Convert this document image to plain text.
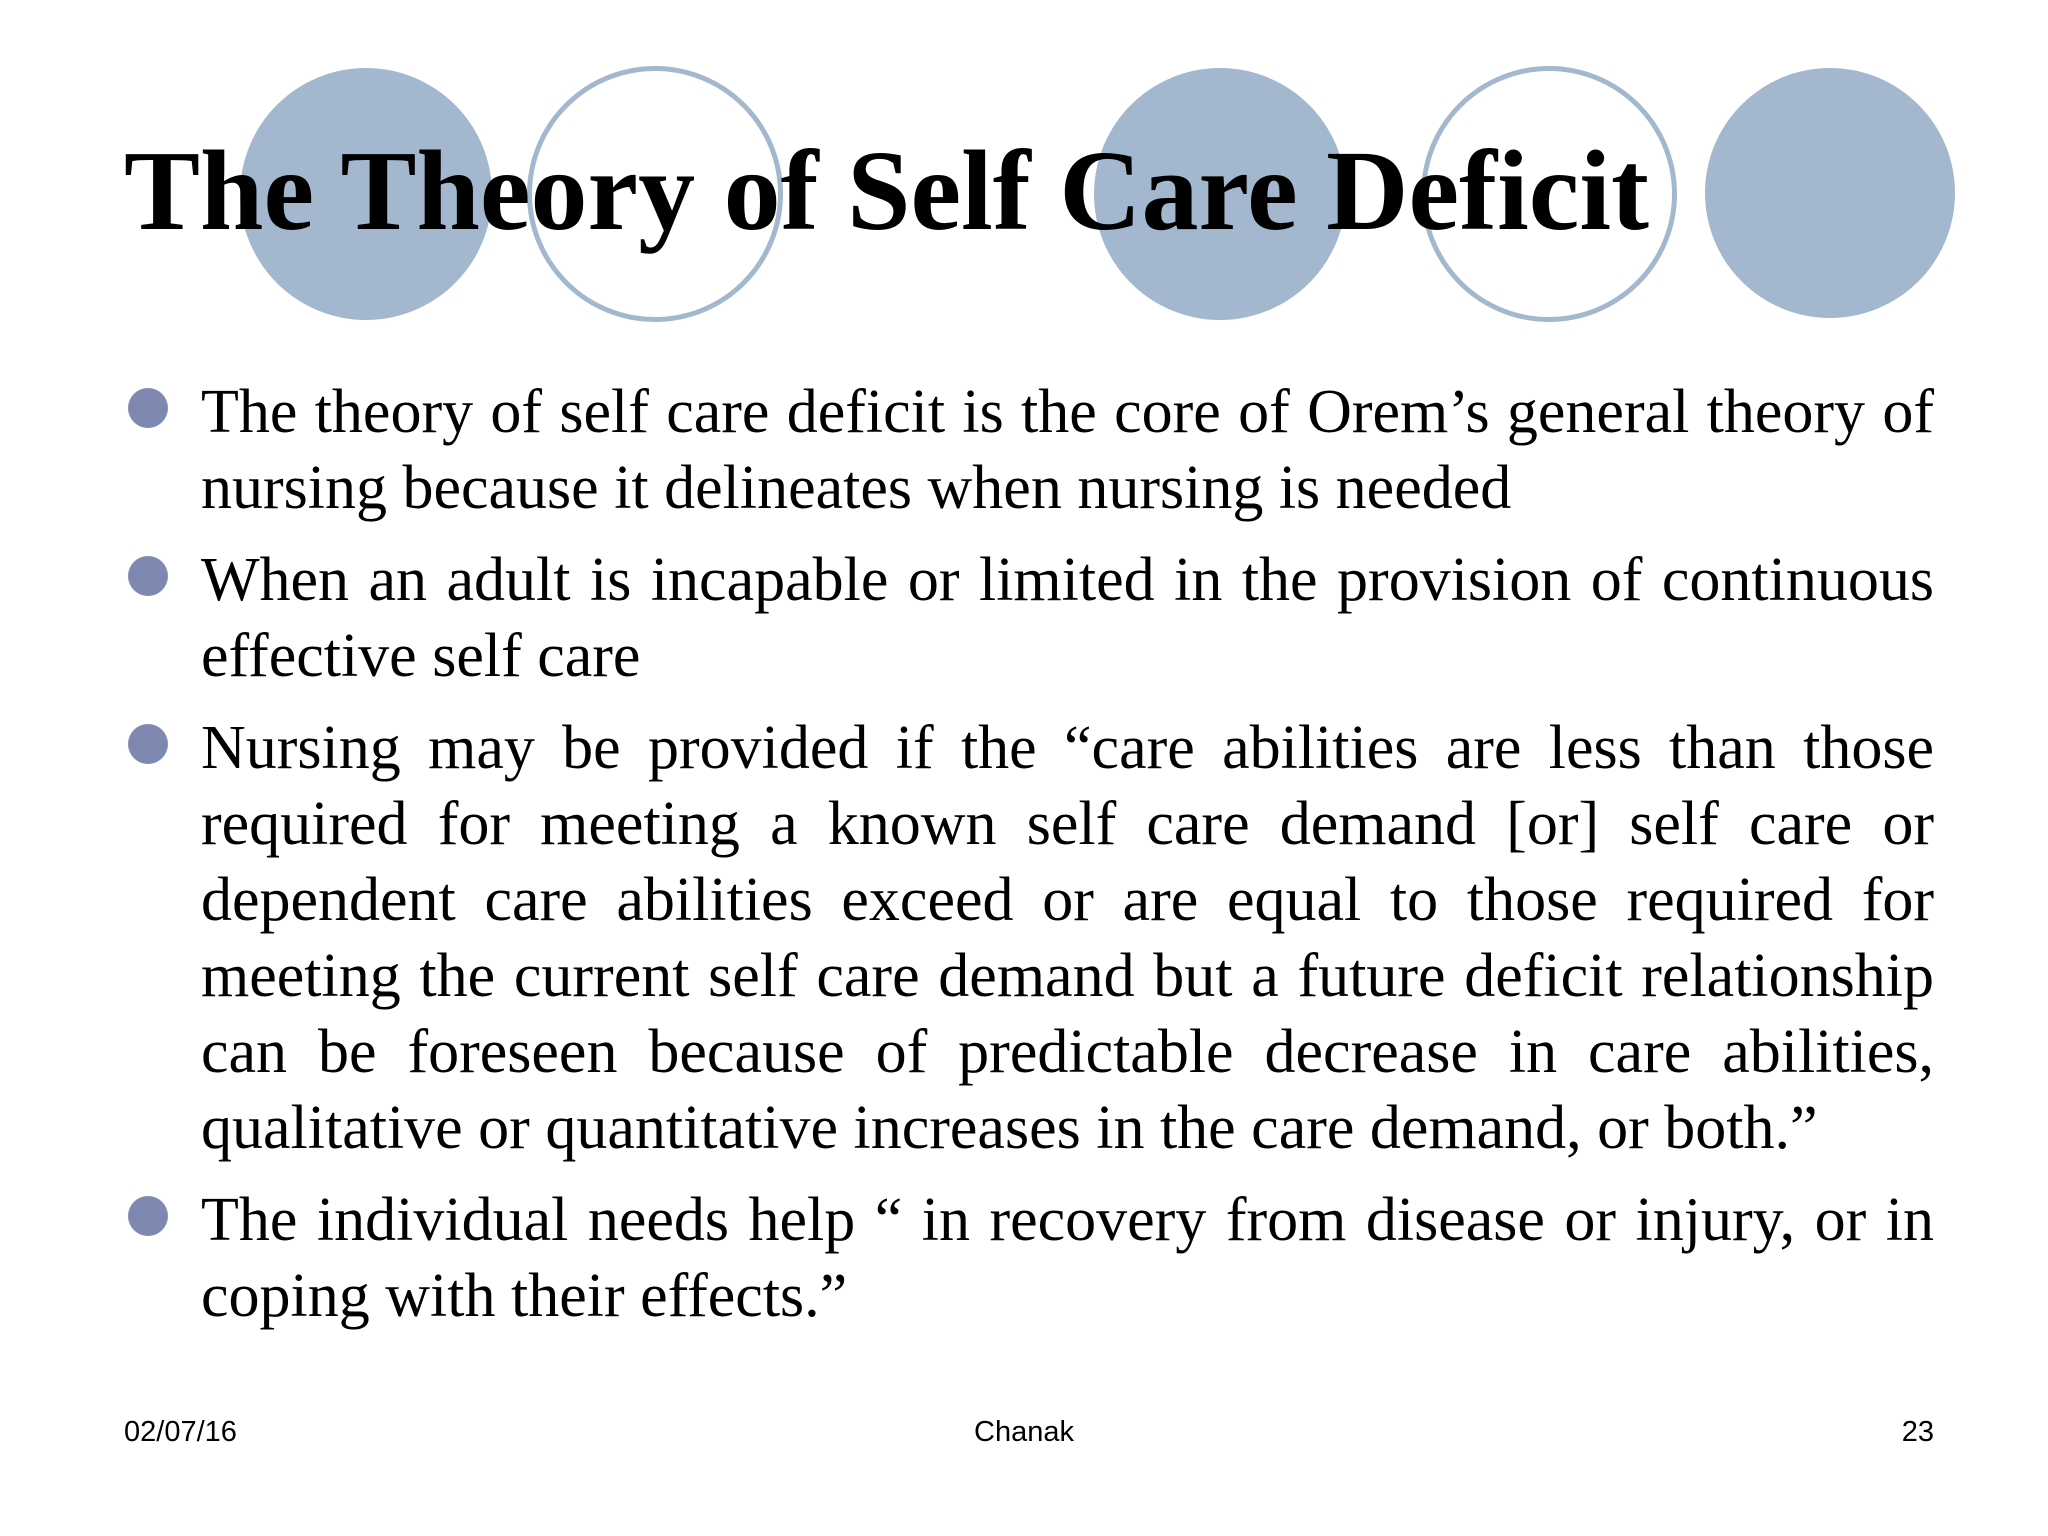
The Theory of Self Care Deficit
The theory of self care deficit is the core of Orem’s general theory of nursing because it delineates when nursing is needed
When an adult is incapable or limited in the provision of continuous effective self care
Nursing may be provided if the “care abilities are less than those required for meeting a known self care demand [or] self care or dependent care abilities exceed or are equal to those required for meeting the current self care demand but a future deficit relationship can be foreseen because of predictable decrease in care abilities, qualitative or quantitative increases in the care demand, or both.”
The individual needs help “ in recovery from disease or injury, or in coping with their effects.”
02/07/16	Chanak	23
